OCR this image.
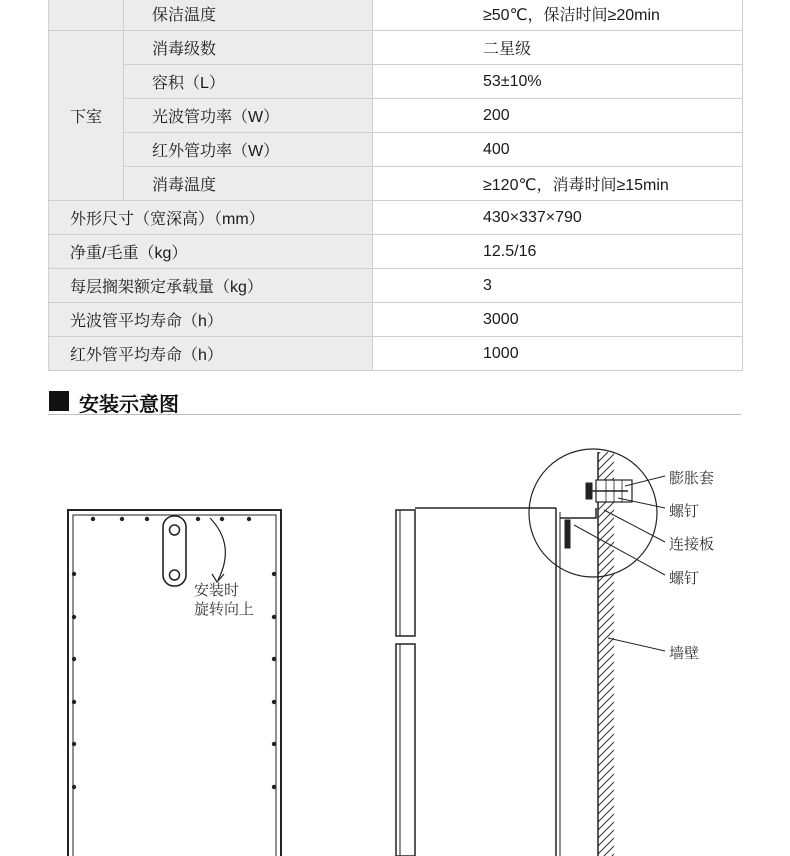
	保洁温度	≥50℃，保洁时间≥20min
下室	消毒级数	二星级
	容积（L）	53±10%
	光波管功率（W）	200
	红外管功率（W）	400
	消毒温度	≥120℃，消毒时间≥15min
外形尺寸（宽深高）（mm）		430×337×790
净重/毛重（kg）		12.5/16
每层搁架额定承载量（kg）		3
光波管平均寿命（h）		3000
红外管平均寿命（h）		1000
安装示意图
安装时
旋转向上
膨胀套
螺钉
连接板
螺钉
墙壁
